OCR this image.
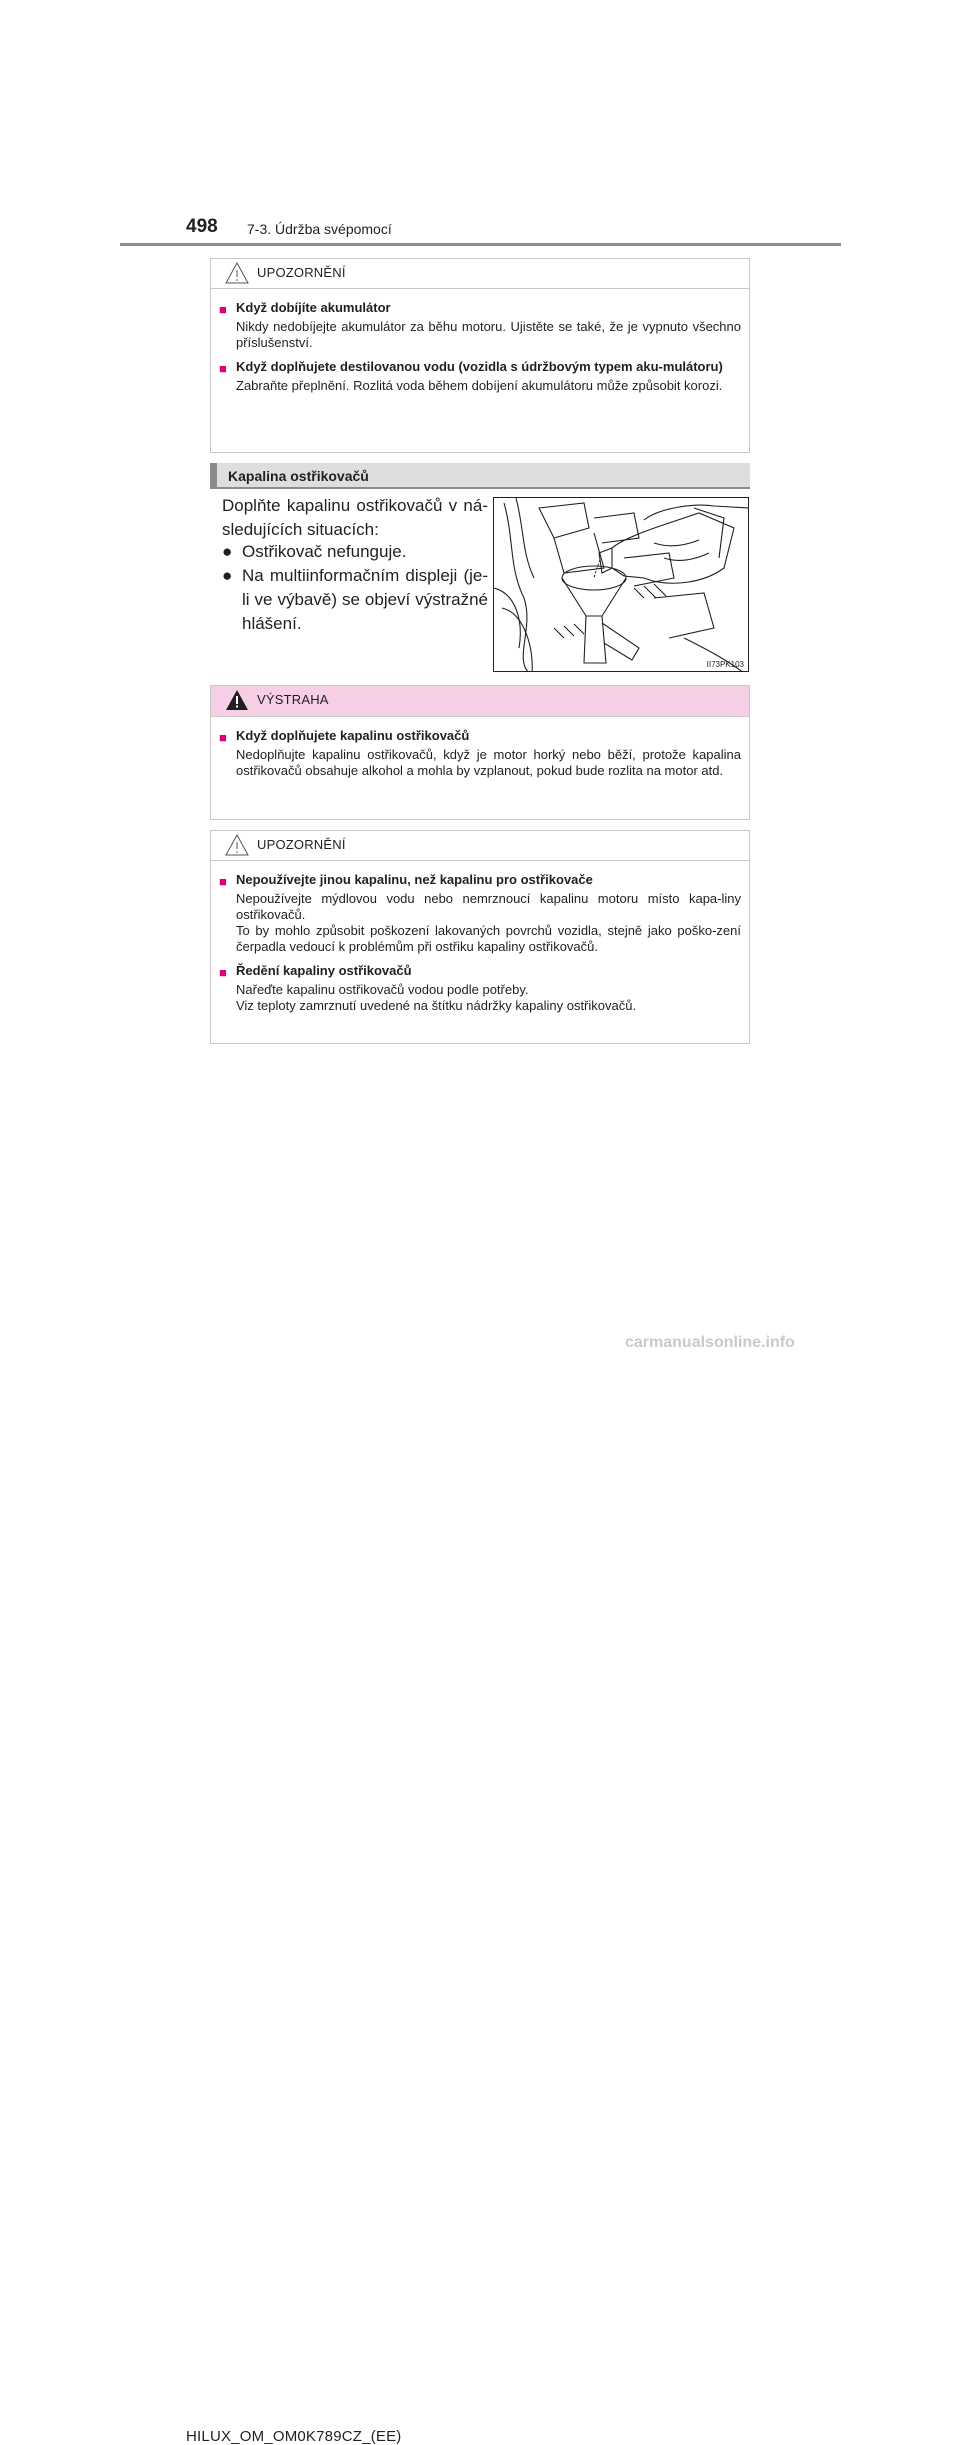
498 7-3. Údržba svépomocí
UPOZORNĚNÍ
■ Když dobíjíte akumulátor
Nikdy nedobíjejte akumulátor za běhu motoru. Ujistěte se také, že je vypnuto všechno příslušenství.
■ Když doplňujete destilovanou vodu (vozidla s údržbovým typem aku-mulátoru)
Zabraňte přeplnění. Rozlitá voda během dobíjení akumulátoru může způsobit korozi.
Kapalina ostřikovačů
Doplňte kapalinu ostřikovačů v ná-sledujících situacích:
● Ostřikovač nefunguje.
● Na multiinformačním displeji (je-li ve výbavě) se objeví výstražné hlášení.
II73PK103
VÝSTRAHA
■ Když doplňujete kapalinu ostřikovačů
Nedoplňujte kapalinu ostřikovačů, když je motor horký nebo běží, protože kapalina ostřikovačů obsahuje alkohol a mohla by vzplanout, pokud bude rozlita na motor atd.
UPOZORNĚNÍ
■ Nepoužívejte jinou kapalinu, než kapalinu pro ostřikovače
Nepoužívejte mýdlovou vodu nebo nemrznoucí kapalinu motoru místo kapa-liny ostřikovačů.
To by mohlo způsobit poškození lakovaných povrchů vozidla, stejně jako poško-zení čerpadla vedoucí k problémům při ostřiku kapaliny ostřikovačů.
■ Ředění kapaliny ostřikovačů
Nařeďte kapalinu ostřikovačů vodou podle potřeby.
Viz teploty zamrznutí uvedené na štítku nádržky kapaliny ostřikovačů.
HILUX_OM_OM0K789CZ_(EE)
carmanualsonline.info
